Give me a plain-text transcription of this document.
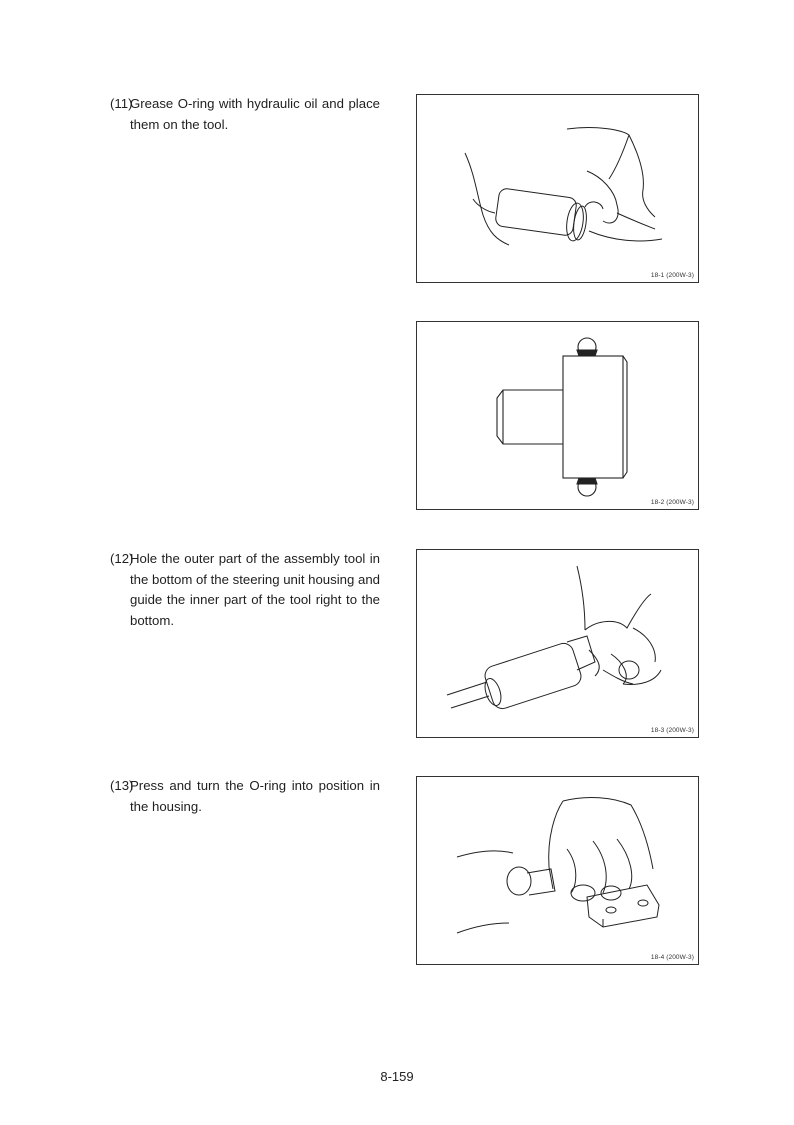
(11)
Grease O-ring with hydraulic oil and place them on the tool.
18-1 (200W-3)
18-2 (200W-3)
(12)
Hole the outer part of the assembly tool in the bottom of the steering unit housing and guide the inner part of the tool right to the bottom.
18-3 (200W-3)
(13)
Press and turn the O-ring into position in the housing.
18-4 (200W-3)
8-159
